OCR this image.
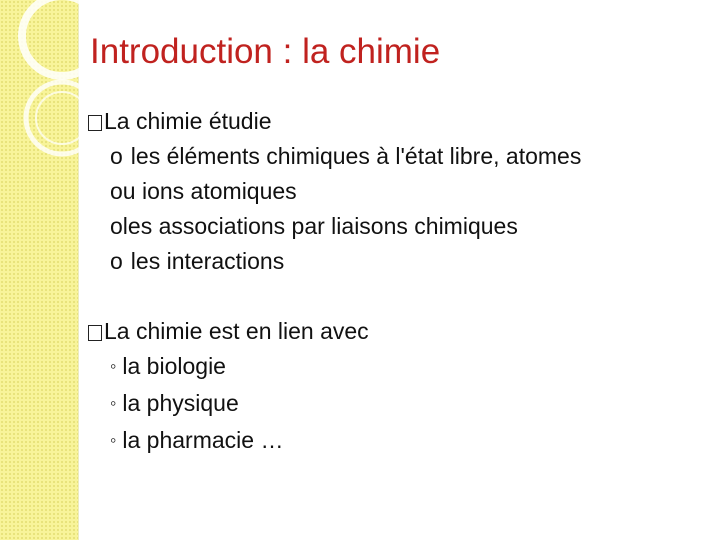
Introduction : la chimie
La chimie étudie
o les éléments chimiques à l'état libre, atomes
ou ions atomiques
oles associations par liaisons chimiques
o les interactions
La chimie est en lien avec
◦ la biologie
◦ la physique
◦ la pharmacie …
